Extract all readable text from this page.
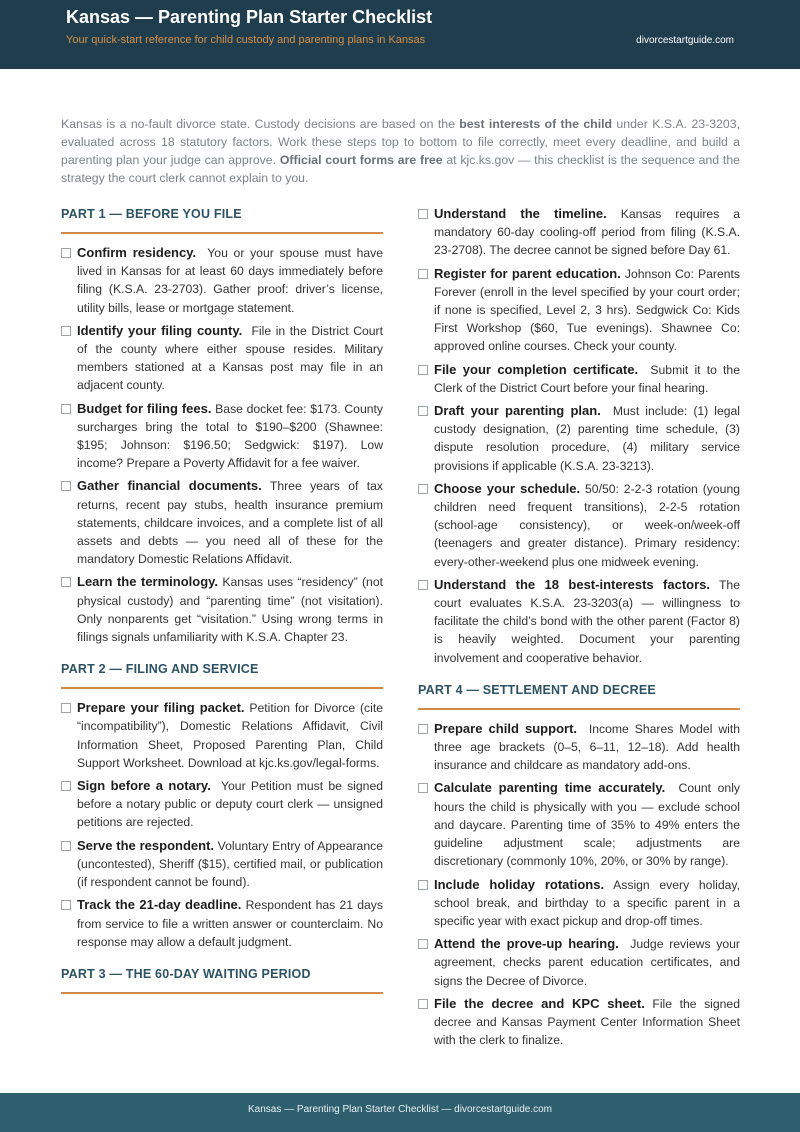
Kansas — Parenting Plan Starter Checklist
Your quick-start reference for child custody and parenting plans in Kansas	divorcestartguide.com

Kansas is a no-fault divorce state. Custody decisions are based on the best interests of the child under K.S.A. 23-3203, evaluated across 18 statutory factors. Work these steps top to bottom to file correctly, meet every deadline, and build a parenting plan your judge can approve. Official court forms are free at kjc.ks.gov — this checklist is the sequence and the strategy the court clerk cannot explain to you.

PART 1 — BEFORE YOU FILE
Confirm residency. You or your spouse must have lived in Kansas for at least 60 days immediately before filing (K.S.A. 23-2703). Gather proof: driver’s license, utility bills, lease or mortgage statement.
Identify your filing county. File in the District Court of the county where either spouse resides. Military members stationed at a Kansas post may file in an adjacent county.
Budget for filing fees. Base docket fee: $173. County surcharges bring the total to $190–$200 (Shawnee: $195; Johnson: $196.50; Sedgwick: $197). Low income? Prepare a Poverty Affidavit for a fee waiver.
Gather financial documents. Three years of tax returns, recent pay stubs, health insurance premium statements, childcare invoices, and a complete list of all assets and debts — you need all of these for the mandatory Domestic Relations Affidavit.
Learn the terminology. Kansas uses “residency” (not physical custody) and “parenting time” (not visitation). Only nonparents get “visitation.” Using wrong terms in filings signals unfamiliarity with K.S.A. Chapter 23.
PART 2 — FILING AND SERVICE
Prepare your filing packet. Petition for Divorce (cite “incompatibility”), Domestic Relations Affidavit, Civil Information Sheet, Proposed Parenting Plan, Child Support Worksheet. Download at kjc.ks.gov/legal-forms.
Sign before a notary. Your Petition must be signed before a notary public or deputy court clerk — unsigned petitions are rejected.
Serve the respondent. Voluntary Entry of Appearance (uncontested), Sheriff ($15), certified mail, or publication (if respondent cannot be found).
Track the 21-day deadline. Respondent has 21 days from service to file a written answer or counterclaim. No response may allow a default judgment.
PART 3 — THE 60-DAY WAITING PERIOD
Understand the timeline. Kansas requires a mandatory 60-day cooling-off period from filing (K.S.A. 23-2708). The decree cannot be signed before Day 61.
Register for parent education. Johnson Co: Parents Forever (enroll in the level specified by your court order; if none is specified, Level 2, 3 hrs). Sedgwick Co: Kids First Workshop ($60, Tue evenings). Shawnee Co: approved online courses. Check your county.
File your completion certificate. Submit it to the Clerk of the District Court before your final hearing.
Draft your parenting plan. Must include: (1) legal custody designation, (2) parenting time schedule, (3) dispute resolution procedure, (4) military service provisions if applicable (K.S.A. 23-3213).
Choose your schedule. 50/50: 2-2-3 rotation (young children need frequent transitions), 2-2-5 rotation (school-age consistency), or week-on/week-off (teenagers and greater distance). Primary residency: every-other-weekend plus one midweek evening.
Understand the 18 best-interests factors. The court evaluates K.S.A. 23-3203(a) — willingness to facilitate the child’s bond with the other parent (Factor 8) is heavily weighted. Document your parenting involvement and cooperative behavior.
PART 4 — SETTLEMENT AND DECREE
Prepare child support. Income Shares Model with three age brackets (0–5, 6–11, 12–18). Add health insurance and childcare as mandatory add-ons.
Calculate parenting time accurately. Count only hours the child is physically with you — exclude school and daycare. Parenting time of 35% to 49% enters the guideline adjustment scale; adjustments are discretionary (commonly 10%, 20%, or 30% by range).
Include holiday rotations. Assign every holiday, school break, and birthday to a specific parent in a specific year with exact pickup and drop-off times.
Attend the prove-up hearing. Judge reviews your agreement, checks parent education certificates, and signs the Decree of Divorce.
File the decree and KPC sheet. File the signed decree and Kansas Payment Center Information Sheet with the clerk to finalize.
Kansas — Parenting Plan Starter Checklist — divorcestartguide.com
